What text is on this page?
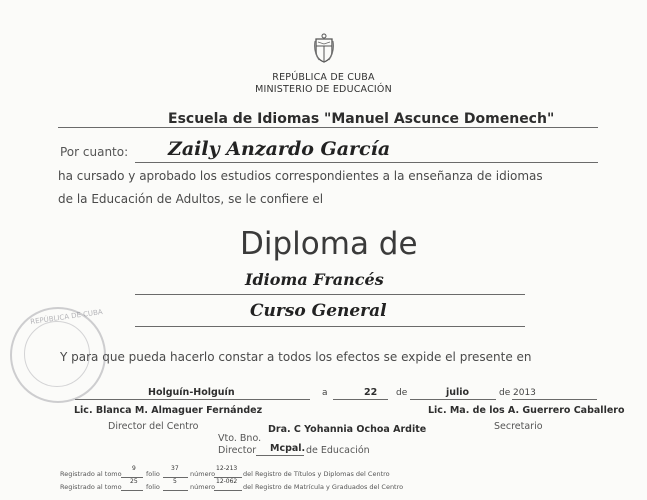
REPÚBLICA DE CUBA
MINISTERIO DE EDUCACIÓN
Escuela de Idiomas "Manuel Ascunce Domenech"
Por cuanto: Zaily Anzardo García
ha cursado y aprobado los estudios correspondientes a la enseñanza de idiomas
de la Educación de Adultos, se le confiere el
Diploma de
Idioma Francés
Curso General
Y para que pueda hacerlo constar a todos los efectos se expide el presente en
Holguín-Holguín	a	22 de	julio	de 2013
Lic. Blanca M. Almaguer Fernández
Director del Centro
Lic. Ma. de los A. Guerrero Caballero
Secretario
Dra. C Yohannia Ochoa Ardite
Vto. Bno.
Director Mcpal. de Educación
Registrado al tomo
9
folio
37
número
12-213
del Registro de Títulos y Diplomas del Centro
Registrado al tomo
25
folio
5
número
12-062
del Registro de Matrícula y Graduados del Centro
REPÚBLICA DE CUBA
